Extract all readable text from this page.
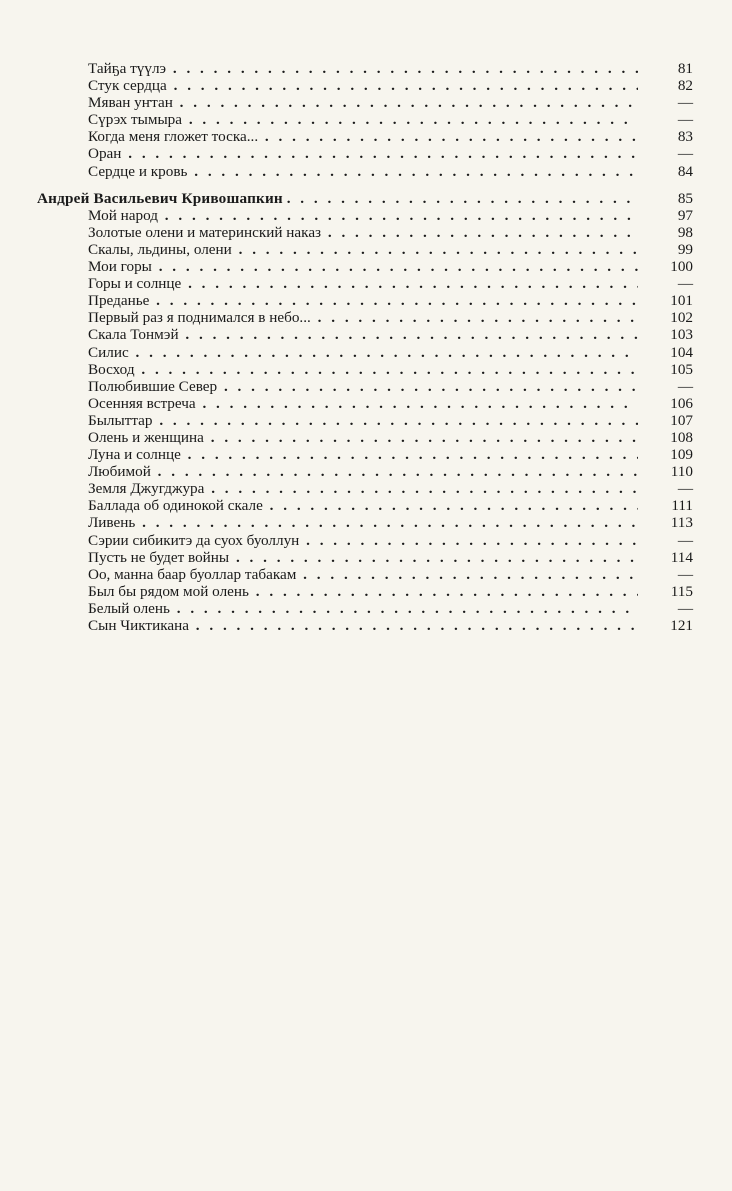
Тайҕа түүлэ . . .	81
Стук сердца . . .	82
Мяван уҥтан . . .	—
Сүрэх тымыра . . .	—
Когда меня гложет тоска... . . .	83
Оран . . .	—
Сердце и кровь . . .	84
Андрей Васильевич Кривошапкин . . .	85
Мой народ . . .	97
Золотые олени и материнский наказ . . .	98
Скалы, льдины, олени . . .	99
Мои горы . . .	100
Горы и солнце . . .	—
Преданье . . .	101
Первый раз я поднимался в небо... . . .	102
Скала Тонмэй . . .	103
Силис . . .	104
Восход . . .	105
Полюбившие Север . . .	—
Осенняя встреча . . .	106
Былыттар . . .	107
Олень и женщина . . .	108
Луна и солнце . . .	109
Любимой . . .	110
Земля Джугджура . . .	—
Баллада об одинокой скале . . .	111
Ливень . . .	113
Сэрии сибикитэ да суох буоллун . . .	—
Пусть не будет войны . . .	114
Оо, манна баар буоллар табакам . . .	—
Был бы рядом мой олень . . .	115
Белый олень . . .	—
Сын Чиктикана . . .	121
